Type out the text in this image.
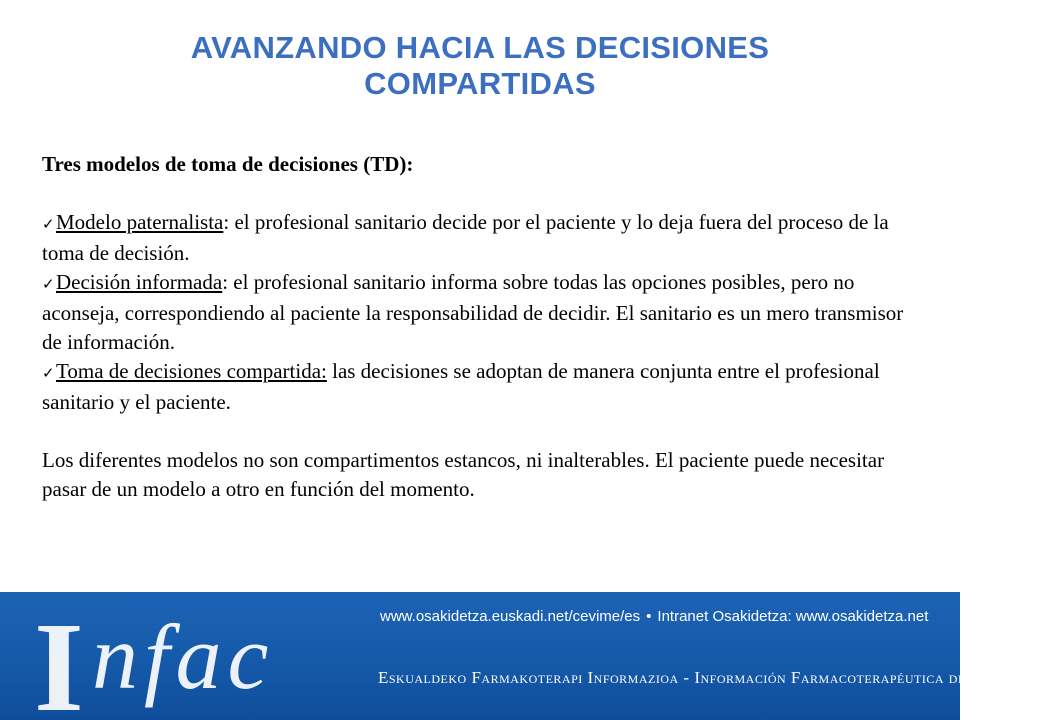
AVANZANDO HACIA LAS DECISIONES
COMPARTIDAS

Tres modelos de toma de decisiones (TD):

✓Modelo paternalista: el profesional sanitario decide por el paciente y lo deja fuera del proceso de la toma de decisión.

✓Decisión informada: el profesional sanitario informa sobre todas las opciones posibles, pero no aconseja, correspondiendo al paciente la responsabilidad de decidir. El sanitario es un mero transmisor de información.

✓Toma de decisiones compartida: las decisiones se adoptan de manera conjunta entre el profesional sanitario y el paciente.

Los diferentes modelos no son compartimentos estancos, ni inalterables. El paciente puede necesitar pasar de un modelo a otro en función del momento.

I nfac	www.osakidetza.euskadi.net/cevime/es • Intranet Osakidetza: www.osakidetza.net
Eskualdeko Farmakoterapi Informazioa - Información Farmacoterapéutica de la Comarca
